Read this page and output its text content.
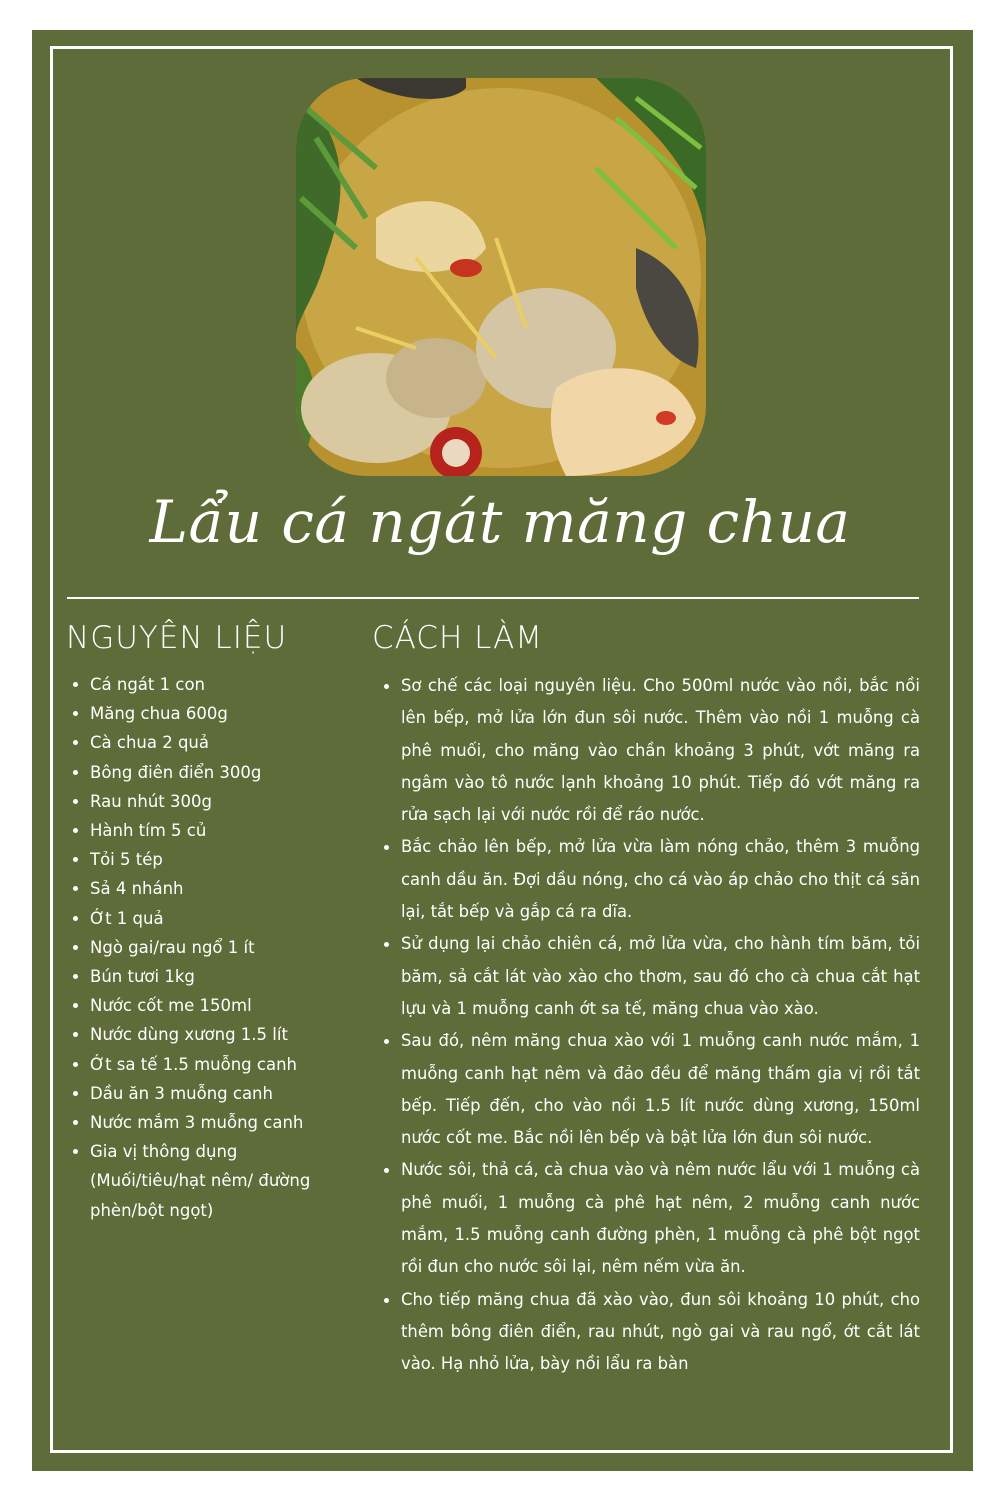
Lẩu cá ngát măng chua
NGUYÊN LIỆU
Cá ngát 1 con
Măng chua 600g
Cà chua 2 quả
Bông điên điển 300g
Rau nhút 300g
Hành tím 5 củ
Tỏi 5 tép
Sả 4 nhánh
Ớt 1 quả
Ngò gai/rau ngổ 1 ít
Bún tươi 1kg
Nước cốt me 150ml
Nước dùng xương 1.5 lít
Ớt sa tế 1.5 muỗng canh
Dầu ăn 3 muỗng canh
Nước mắm 3 muỗng canh
Gia vị thông dụng (Muối/tiêu/hạt nêm/ đường phèn/bột ngọt)
CÁCH LÀM
Sơ chế các loại nguyên liệu. Cho 500ml nước vào nồi, bắc nồi lên bếp, mở lửa lớn đun sôi nước. Thêm vào nồi 1 muỗng cà phê muối, cho măng vào chần khoảng 3 phút, vớt măng ra ngâm vào tô nước lạnh khoảng 10 phút. Tiếp đó vớt măng ra rửa sạch lại với nước rồi để ráo nước.
Bắc chảo lên bếp, mở lửa vừa làm nóng chảo, thêm 3 muỗng canh dầu ăn. Đợi dầu nóng, cho cá vào áp chảo cho thịt cá săn lại, tắt bếp và gắp cá ra dĩa.
Sử dụng lại chảo chiên cá, mở lửa vừa, cho hành tím băm, tỏi băm, sả cắt lát vào xào cho thơm, sau đó cho cà chua cắt hạt lựu và 1 muỗng canh ớt sa tế, măng chua vào xào.
Sau đó, nêm măng chua xào với 1 muỗng canh nước mắm, 1 muỗng canh hạt nêm và đảo đều để măng thấm gia vị rồi tắt bếp. Tiếp đến, cho vào nồi 1.5 lít nước dùng xương, 150ml nước cốt me. Bắc nồi lên bếp và bật lửa lớn đun sôi nước.
Nước sôi, thả cá, cà chua vào và nêm nước lẩu với 1 muỗng cà phê muối, 1 muỗng cà phê hạt nêm, 2 muỗng canh nước mắm, 1.5 muỗng canh đường phèn, 1 muỗng cà phê bột ngọt rồi đun cho nước sôi lại, nêm nếm vừa ăn.
Cho tiếp măng chua đã xào vào, đun sôi khoảng 10 phút, cho thêm bông điên điển, rau nhút, ngò gai và rau ngổ, ớt cắt lát vào. Hạ nhỏ lửa, bày nồi lẩu ra bàn
